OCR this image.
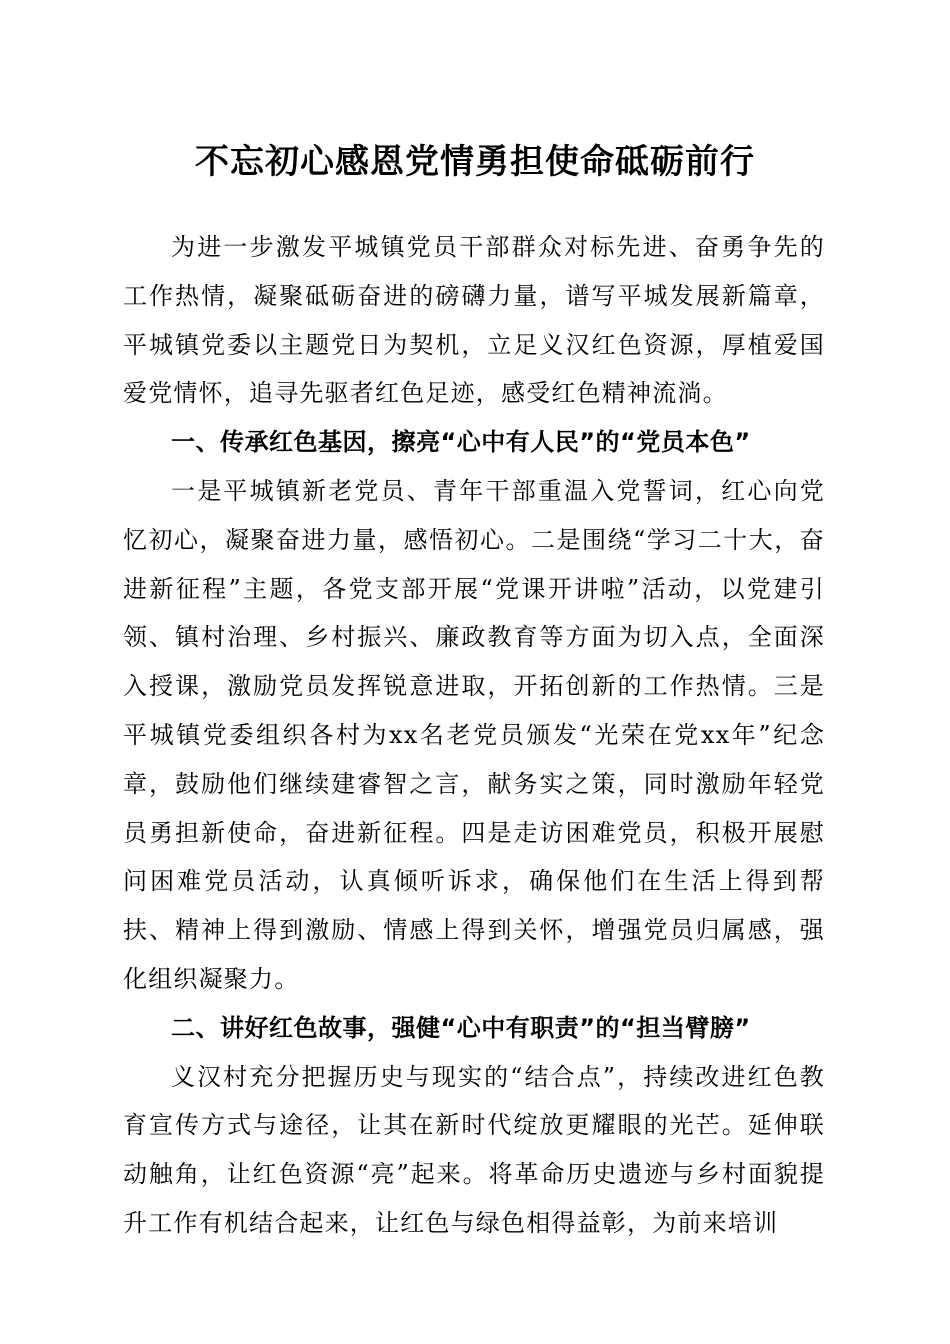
不忘初心感恩党情勇担使命砥砺前行

为进一步激发平城镇党员干部群众对标先进、奋勇争先的工作热情，凝聚砥砺奋进的磅礴力量，谱写平城发展新篇章，平城镇党委以主题党日为契机，立足义汉红色资源，厚植爱国爱党情怀，追寻先驱者红色足迹，感受红色精神流淌。

一、传承红色基因，擦亮“心中有人民”的“党员本色”

一是平城镇新老党员、青年干部重温入党誓词，红心向党忆初心，凝聚奋进力量，感悟初心。二是围绕“学习二十大，奋进新征程”主题，各党支部开展“党课开讲啦”活动，以党建引领、镇村治理、乡村振兴、廉政教育等方面为切入点，全面深入授课，激励党员发挥锐意进取，开拓创新的工作热情。三是平城镇党委组织各村为xx名老党员颁发“光荣在党xx年”纪念章，鼓励他们继续建睿智之言，献务实之策，同时激励年轻党员勇担新使命，奋进新征程。四是走访困难党员，积极开展慰问困难党员活动，认真倾听诉求，确保他们在生活上得到帮扶、精神上得到激励、情感上得到关怀，增强党员归属感，强化组织凝聚力。

二、讲好红色故事，强健“心中有职责”的“担当臂膀”

义汉村充分把握历史与现实的“结合点”，持续改进红色教育宣传方式与途径，让其在新时代绽放更耀眼的光芒。延伸联动触角，让红色资源“亮”起来。将革命历史遗迹与乡村面貌提升工作有机结合起来，让红色与绿色相得益彰，为前来培训
